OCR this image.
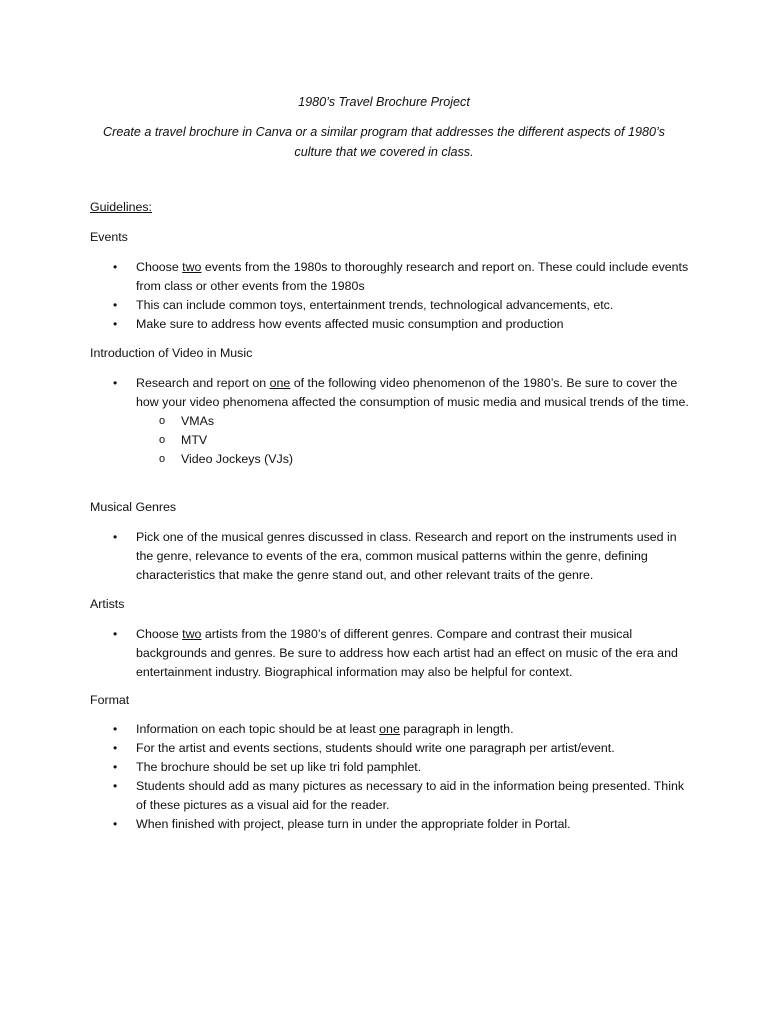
1980’s Travel Brochure Project
Create a travel brochure in Canva or a similar program that addresses the different aspects of 1980’s culture that we covered in class.
Guidelines:
Events
• Choose two events from the 1980s to thoroughly research and report on. These could include events from class or other events from the 1980s
• This can include common toys, entertainment trends, technological advancements, etc.
• Make sure to address how events affected music consumption and production
Introduction of Video in Music
• Research and report on one of the following video phenomenon of the 1980’s. Be sure to cover the how your video phenomena affected the consumption of music media and musical trends of the time.
o VMAs
o MTV
o Video Jockeys (VJs)
Musical Genres
• Pick one of the musical genres discussed in class. Research and report on the instruments used in the genre, relevance to events of the era, common musical patterns within the genre, defining characteristics that make the genre stand out, and other relevant traits of the genre.
Artists
• Choose two artists from the 1980’s of different genres. Compare and contrast their musical backgrounds and genres. Be sure to address how each artist had an effect on music of the era and entertainment industry. Biographical information may also be helpful for context.
Format
• Information on each topic should be at least one paragraph in length.
• For the artist and events sections, students should write one paragraph per artist/event.
• The brochure should be set up like tri fold pamphlet.
• Students should add as many pictures as necessary to aid in the information being presented. Think of these pictures as a visual aid for the reader.
• When finished with project, please turn in under the appropriate folder in Portal.
